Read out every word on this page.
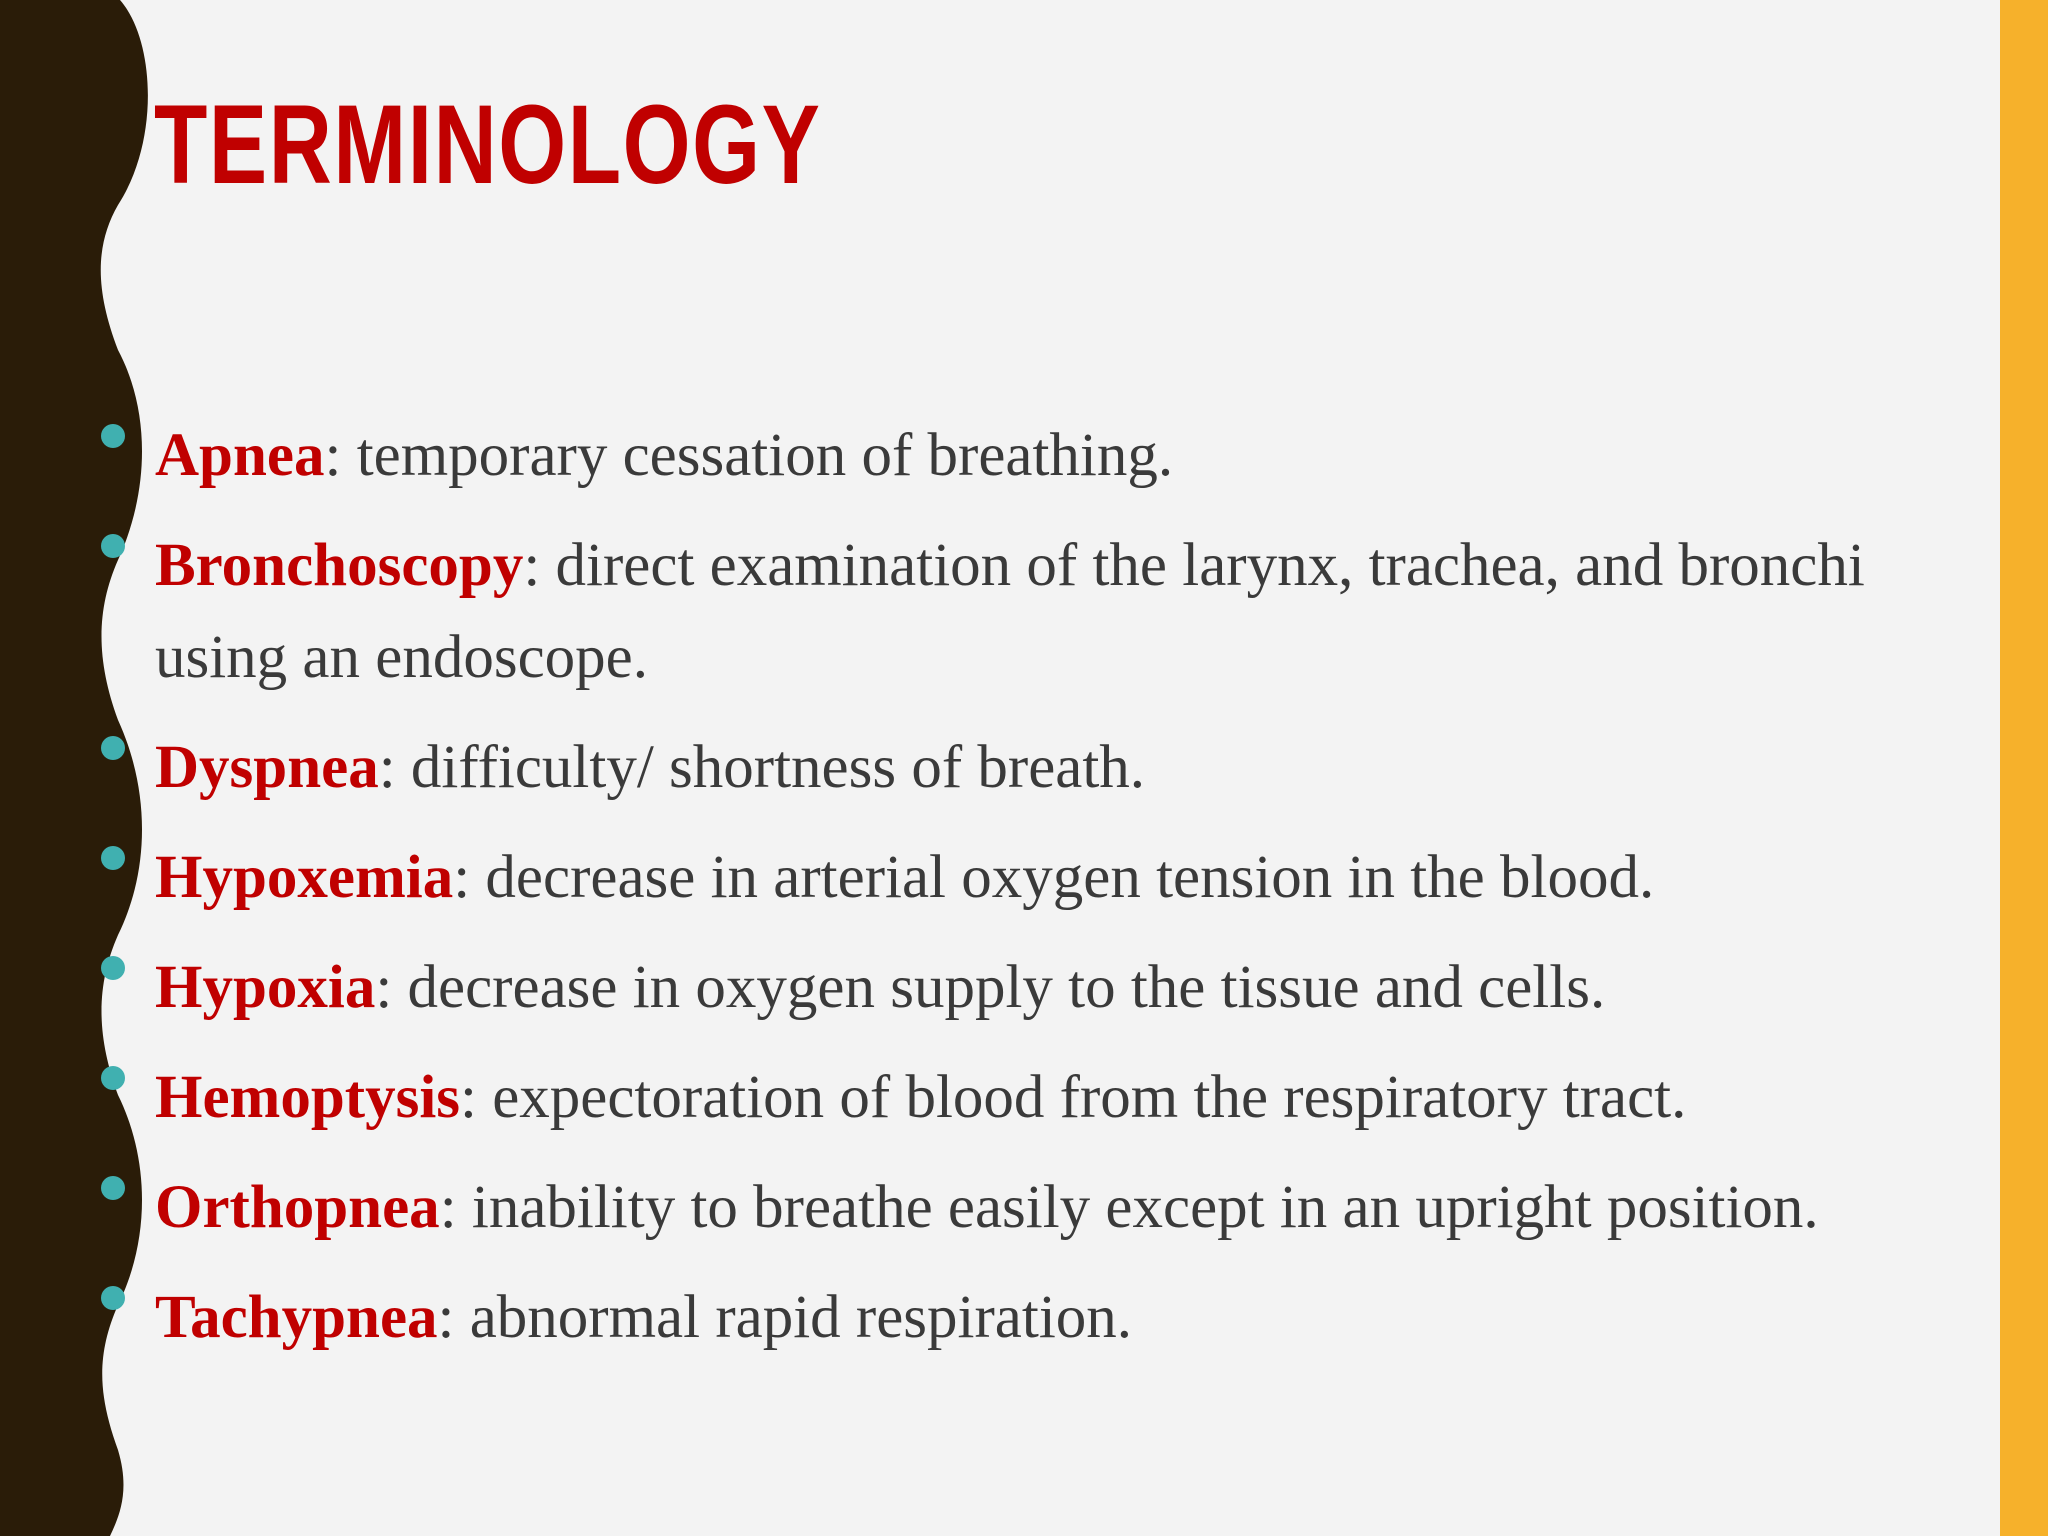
TERMINOLOGY
Apnea: temporary cessation of breathing.
Bronchoscopy: direct examination of the larynx, trachea, and bronchi using an endoscope.
Dyspnea: difficulty/ shortness of breath.
Hypoxemia: decrease in arterial oxygen tension in the blood.
Hypoxia: decrease in oxygen supply to the tissue and cells.
Hemoptysis: expectoration of blood from the respiratory tract.
Orthopnea: inability to breathe easily except in an upright position.
Tachypnea: abnormal rapid respiration.
